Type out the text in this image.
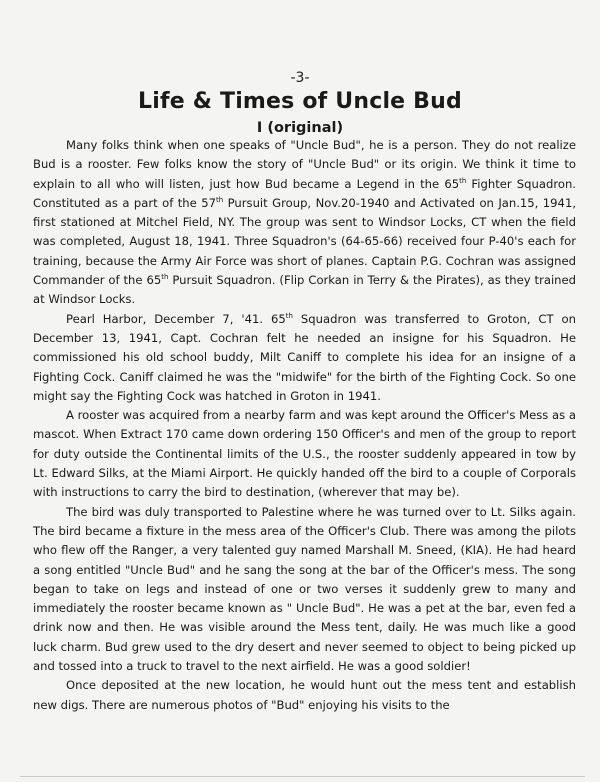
-3-
Life & Times of Uncle Bud
I (original)

Many folks think when one speaks of "Uncle Bud", he is a person. They do not realize Bud is a rooster. Few folks know the story of "Uncle Bud" or its origin. We think it time to explain to all who will listen, just how Bud became a Legend in the 65th Fighter Squadron. Constituted as a part of the 57th Pursuit Group, Nov.20-1940 and Activated on Jan.15, 1941, first stationed at Mitchel Field, NY. The group was sent to Windsor Locks, CT when the field was completed, August 18, 1941. Three Squadron's (64-65-66) received four P-40's each for training, because the Army Air Force was short of planes. Captain P.G. Cochran was assigned Commander of the 65th Pursuit Squadron. (Flip Corkan in Terry & the Pirates), as they trained at Windsor Locks.

Pearl Harbor, December 7, '41. 65th Squadron was transferred to Groton, CT on December 13, 1941, Capt. Cochran felt he needed an insigne for his Squadron. He commissioned his old school buddy, Milt Caniff to complete his idea for an insigne of a Fighting Cock. Caniff claimed he was the "midwife" for the birth of the Fighting Cock. So one might say the Fighting Cock was hatched in Groton in 1941.

A rooster was acquired from a nearby farm and was kept around the Officer's Mess as a mascot. When Extract 170 came down ordering 150 Officer's and men of the group to report for duty outside the Continental limits of the U.S., the rooster suddenly appeared in tow by Lt. Edward Silks, at the Miami Airport. He quickly handed off the bird to a couple of Corporals with instructions to carry the bird to destination, (wherever that may be).

The bird was duly transported to Palestine where he was turned over to Lt. Silks again. The bird became a fixture in the mess area of the Officer's Club. There was among the pilots who flew off the Ranger, a very talented guy named Marshall M. Sneed, (KIA). He had heard a song entitled "Uncle Bud" and he sang the song at the bar of the Officer's mess. The song began to take on legs and instead of one or two verses it suddenly grew to many and immediately the rooster became known as " Uncle Bud". He was a pet at the bar, even fed a drink now and then. He was visible around the Mess tent, daily. He was much like a good luck charm. Bud grew used to the dry desert and never seemed to object to being picked up and tossed into a truck to travel to the next airfield. He was a good soldier!

Once deposited at the new location, he would hunt out the mess tent and establish new digs. There are numerous photos of "Bud" enjoying his visits to the
